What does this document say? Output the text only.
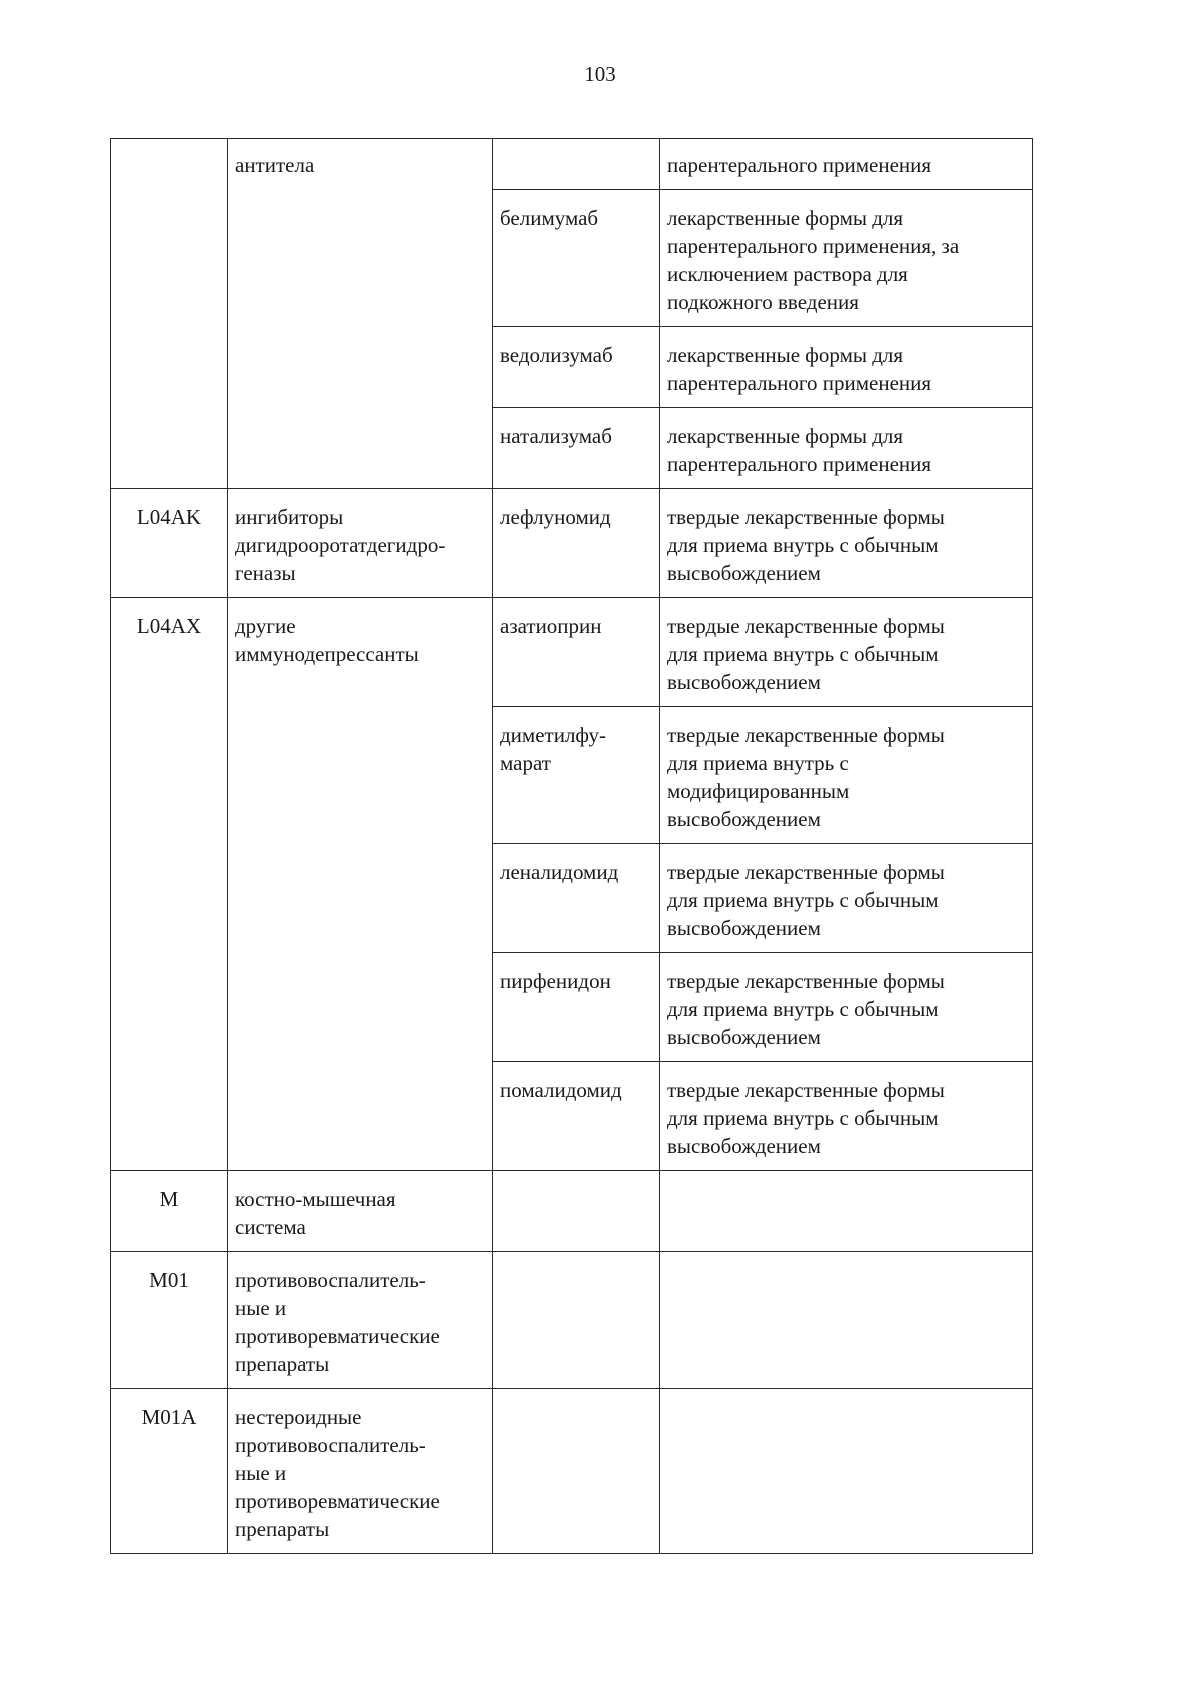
103
	антитела		парентерального применения
		белимумаб	лекарственные формы для
парентерального применения, за
исключением раствора для
подкожного введения
		ведолизумаб	лекарственные формы для
парентерального применения
		натализумаб	лекарственные формы для
парентерального применения
L04AK	ингибиторы
дигидрооротатдегидро-
геназы	лефлуномид	твердые лекарственные формы
для приема внутрь с обычным
высвобождением
L04AX	другие
иммунодепрессанты	азатиоприн	твердые лекарственные формы
для приема внутрь с обычным
высвобождением
		диметилфу-
марат	твердые лекарственные формы
для приема внутрь с
модифицированным
высвобождением
		леналидомид	твердые лекарственные формы
для приема внутрь с обычным
высвобождением
		пирфенидон	твердые лекарственные формы
для приема внутрь с обычным
высвобождением
		помалидомид	твердые лекарственные формы
для приема внутрь с обычным
высвобождением
M	костно-мышечная
система		
M01	противовоспалитель-
ные и
противоревматические
препараты		
M01A	нестероидные
противовоспалитель-
ные и
противоревматические
препараты		
